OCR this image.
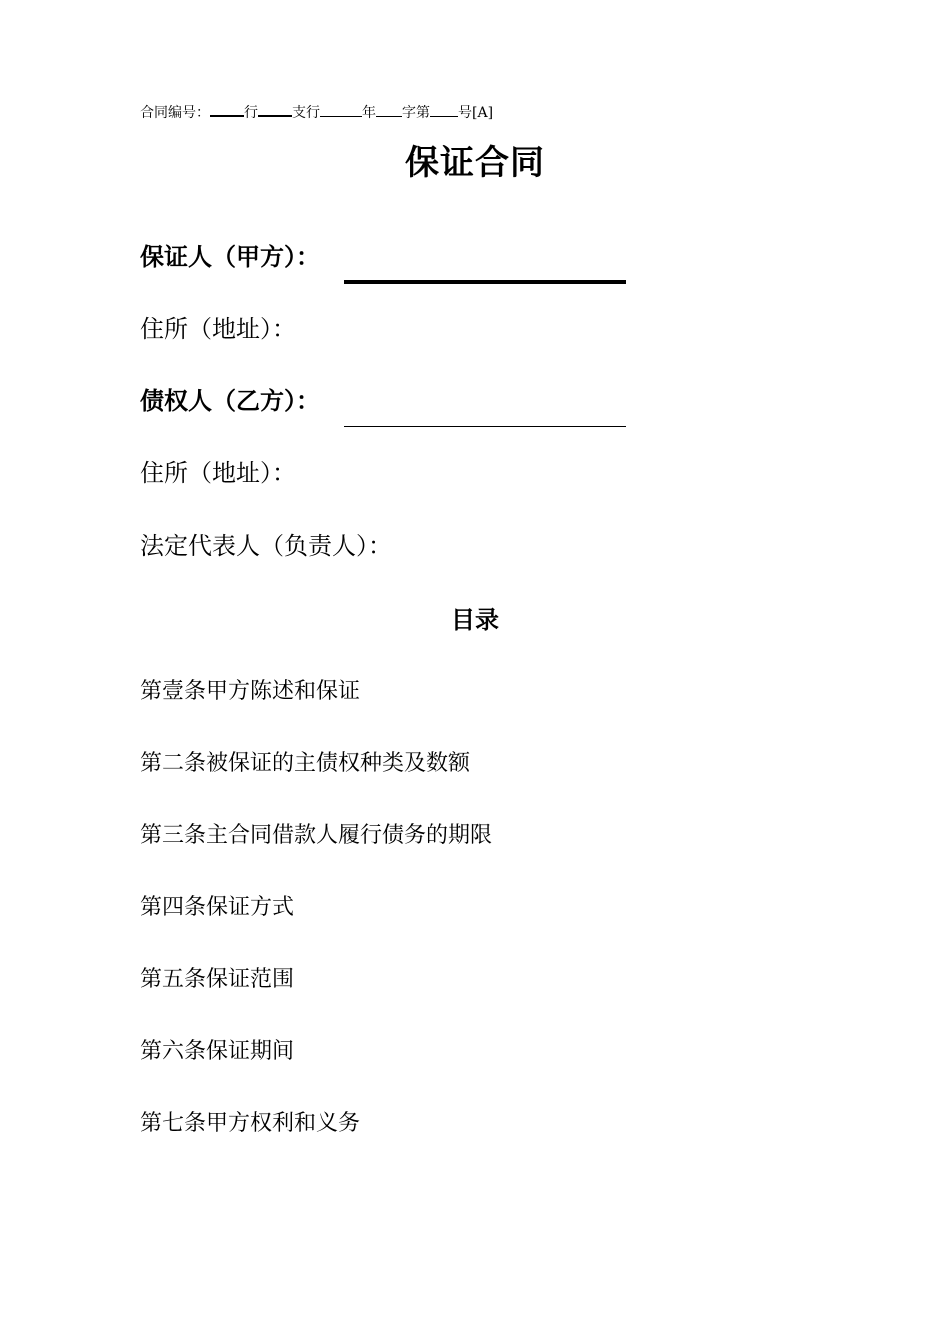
合同编号： 行 支行	年 字第 号[A]
保证合同
保证人（甲方）：
住所（地址）：
债权人（乙方）：
住所（地址）：
法定代表人（负责人）：
目录
第壹条甲方陈述和保证
第二条被保证的主债权种类及数额
第三条主合同借款人履行债务的期限
第四条保证方式
第五条保证范围
第六条保证期间
第七条甲方权利和义务
